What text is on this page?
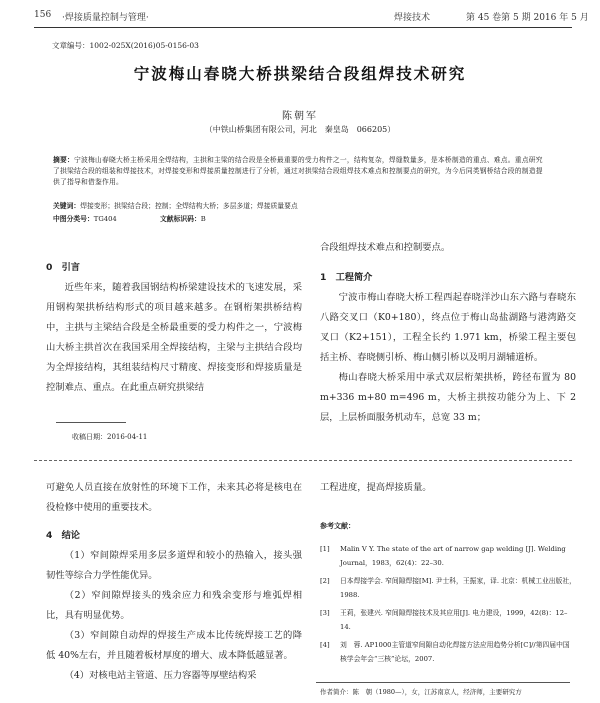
156 ·焊接质量控制与管理·	焊接技术	第 45 卷第 5 期 2016 年 5 月
文章编号：1002-025X(2016)05-0156-03
宁波梅山春晓大桥拱梁结合段组焊技术研究
陈朝军
（中铁山桥集团有限公司，河北　秦皇岛　066205）
摘要：宁波梅山春晓大桥主桥采用全焊结构，主拱和主梁的结合段是全桥最重要的受力构件之一，结构复杂，焊缝数量多，是本桥制造的重点、难点。重点研究了拱梁结合段的组装和焊接技术，对焊接变形和焊接质量控制进行了分析，通过对拱梁结合段组焊技术难点和控制要点的研究，为今后同类钢桥结合段的制造提供了指导和借鉴作用。
关键词：焊接变形；拱梁结合段；控制；全焊结构大桥；多层多道；焊接质量要点
中图分类号：TG404	文献标识码：B
0　引言

近些年来，随着我国钢结构桥梁建设技术的飞速发展，采用钢构架拱桥结构形式的项目越来越多。在钢桁架拱桥结构中，主拱与主梁结合段是全桥最重要的受力构件之一，宁波梅山大桥主拱首次在我国采用全焊接结构，主梁与主拱结合段均为全焊接结构，其组装结构尺寸精度、焊接变形和焊接质量是控制难点、重点。在此重点研究拱梁结

合段组焊技术难点和控制要点。

1　工程简介

宁波市梅山春晓大桥工程西起春晓洋沙山东六路与春晓东八路交叉口（K0+180），终点位于梅山岛盐湖路与港湾路交叉口（K2+151），工程全长约 1.971 km，桥梁工程主要包括主桥、春晓侧引桥、梅山侧引桥以及明月湖辅道桥。

梅山春晓大桥采用中承式双层桁架拱桥，跨径布置为 80 m+336 m+80 m=496 m，大桥主拱按功能分为上、下 2 层，上层桥面服务机动车，总宽 33 m；

收稿日期：2016-04-11

可避免人员直接在放射性的环境下工作，未来其必将是核电在役检修中使用的重要技术。

4　结论

（1）窄间隙焊采用多层多道焊和较小的热输入，接头强韧性等综合力学性能优异。

（2）窄间隙焊接头的残余应力和残余变形与堆弧焊相比，具有明显优势。

（3）窄间隙自动焊的焊接生产成本比传统焊接工艺的降低 40%左右，并且随着板材厚度的增大、成本降低越显著。

（4）对核电站主管道、压力容器等厚壁结构采

工程进度，提高焊接质量。

参考文献：
[1] Malin V Y. The state of the art of narrow gap welding [J]. Welding Journal，1983，62(4)：22–30.
[2] 日本焊接学会. 窄间隙焊接[M]. 尹士科，王振家，译. 北京：机械工业出版社，1988.
[3] 王莉，张建兴. 窄间隙焊接技术及其应用[J]. 电力建设，1999，42(8)：12–14.
[4] 刘　蓉. AP1000主管道窄间隙自动化焊接方法应用趋势分析[C]//第四届中国核学会年会“三核”论坛，2007.
作者简介：陈　朝（1980—），女，江苏南京人，经济师，主要研究方
